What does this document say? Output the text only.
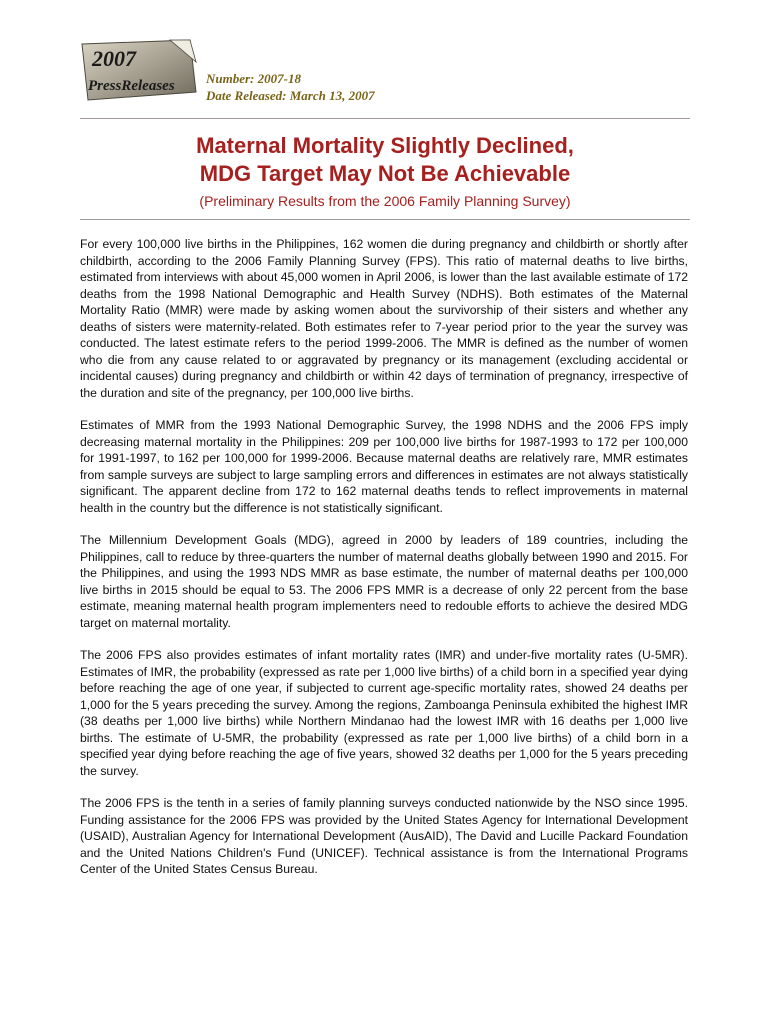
2007
PressReleases Number: 2007-18
Date Released: March 13, 2007
Maternal Mortality Slightly Declined,
MDG Target May Not Be Achievable
(Preliminary Results from the 2006 Family Planning Survey)

For every 100,000 live births in the Philippines, 162 women die during pregnancy and childbirth or shortly after childbirth, according to the 2006 Family Planning Survey (FPS). This ratio of maternal deaths to live births, estimated from interviews with about 45,000 women in April 2006, is lower than the last available estimate of 172 deaths from the 1998 National Demographic and Health Survey (NDHS). Both estimates of the Maternal Mortality Ratio (MMR) were made by asking women about the survivorship of their sisters and whether any deaths of sisters were maternity-related. Both estimates refer to 7-year period prior to the year the survey was conducted. The latest estimate refers to the period 1999-2006. The MMR is defined as the number of women who die from any cause related to or aggravated by pregnancy or its management (excluding accidental or incidental causes) during pregnancy and childbirth or within 42 days of termination of pregnancy, irrespective of the duration and site of the pregnancy, per 100,000 live births.

Estimates of MMR from the 1993 National Demographic Survey, the 1998 NDHS and the 2006 FPS imply decreasing maternal mortality in the Philippines: 209 per 100,000 live births for 1987-1993 to 172 per 100,000 for 1991-1997, to 162 per 100,000 for 1999-2006. Because maternal deaths are relatively rare, MMR estimates from sample surveys are subject to large sampling errors and differences in estimates are not always statistically significant. The apparent decline from 172 to 162 maternal deaths tends to reflect improvements in maternal health in the country but the difference is not statistically significant.

The Millennium Development Goals (MDG), agreed in 2000 by leaders of 189 countries, including the Philippines, call to reduce by three-quarters the number of maternal deaths globally between 1990 and 2015. For the Philippines, and using the 1993 NDS MMR as base estimate, the number of maternal deaths per 100,000 live births in 2015 should be equal to 53. The 2006 FPS MMR is a decrease of only 22 percent from the base estimate, meaning maternal health program implementers need to redouble efforts to achieve the desired MDG target on maternal mortality.

The 2006 FPS also provides estimates of infant mortality rates (IMR) and under-five mortality rates (U-5MR). Estimates of IMR, the probability (expressed as rate per 1,000 live births) of a child born in a specified year dying before reaching the age of one year, if subjected to current age-specific mortality rates, showed 24 deaths per 1,000 for the 5 years preceding the survey. Among the regions, Zamboanga Peninsula exhibited the highest IMR (38 deaths per 1,000 live births) while Northern Mindanao had the lowest IMR with 16 deaths per 1,000 live births. The estimate of U-5MR, the probability (expressed as rate per 1,000 live births) of a child born in a specified year dying before reaching the age of five years, showed 32 deaths per 1,000 for the 5 years preceding the survey.

The 2006 FPS is the tenth in a series of family planning surveys conducted nationwide by the NSO since 1995. Funding assistance for the 2006 FPS was provided by the United States Agency for International Development (USAID), Australian Agency for International Development (AusAID), The David and Lucille Packard Foundation and the United Nations Children's Fund (UNICEF). Technical assistance is from the International Programs Center of the United States Census Bureau.
